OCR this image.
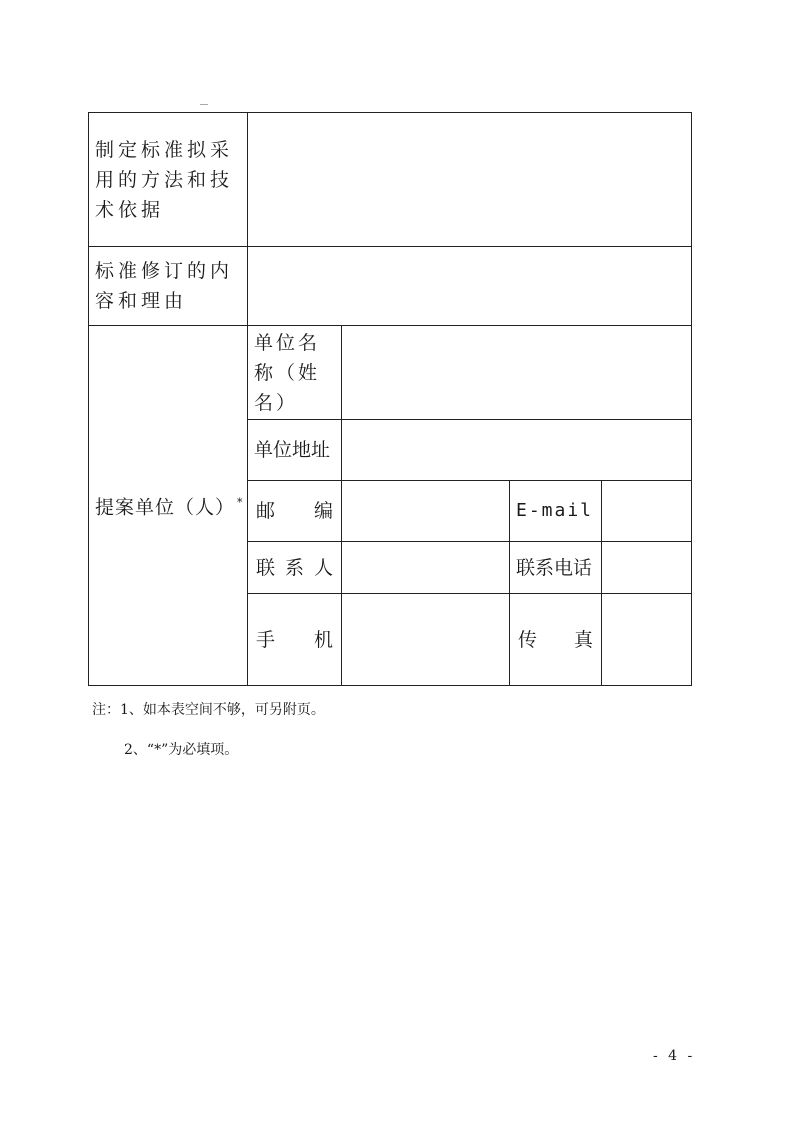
制定标准拟采用的方法和技术依据				
标准修订的内容和理由				
提案单位（人） *	单位名称（姓名）			
	单位地址			

	邮 编		E-mail	

	联 系 人		联系电话	

	手 机		传 真	

注：1、如本表空间不够，可另附页。
2、“*”为必填项。
- 4 -
